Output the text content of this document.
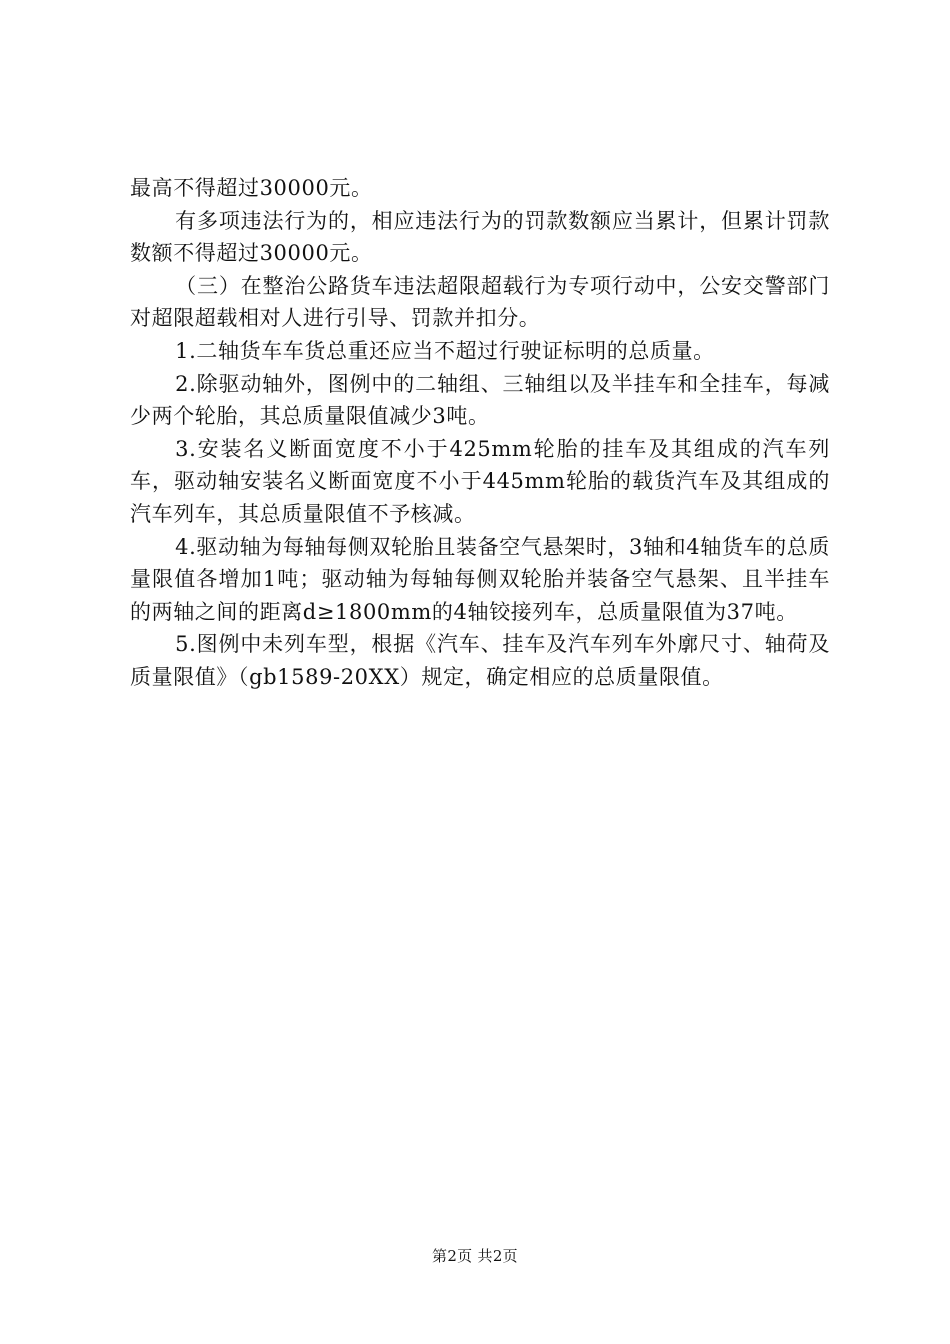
最高不得超过30000元。

有多项违法行为的，相应违法行为的罚款数额应当累计，但累计罚款数额不得超过30000元。

（三）在整治公路货车违法超限超载行为专项行动中，公安交警部门对超限超载相对人进行引导、罚款并扣分。

1.二轴货车车货总重还应当不超过行驶证标明的总质量。

2.除驱动轴外，图例中的二轴组、三轴组以及半挂车和全挂车，每减少两个轮胎，其总质量限值减少3吨。

3.安装名义断面宽度不小于425mm轮胎的挂车及其组成的汽车列车，驱动轴安装名义断面宽度不小于445mm轮胎的载货汽车及其组成的汽车列车，其总质量限值不予核减。

4.驱动轴为每轴每侧双轮胎且装备空气悬架时，3轴和4轴货车的总质量限值各增加1吨；驱动轴为每轴每侧双轮胎并装备空气悬架、且半挂车的两轴之间的距离d≥1800mm的4轴铰接列车，总质量限值为37吨。

5.图例中未列车型，根据《汽车、挂车及汽车列车外廓尺寸、轴荷及质量限值》（gb1589-20XX）规定，确定相应的总质量限值。

第2页 共2页
